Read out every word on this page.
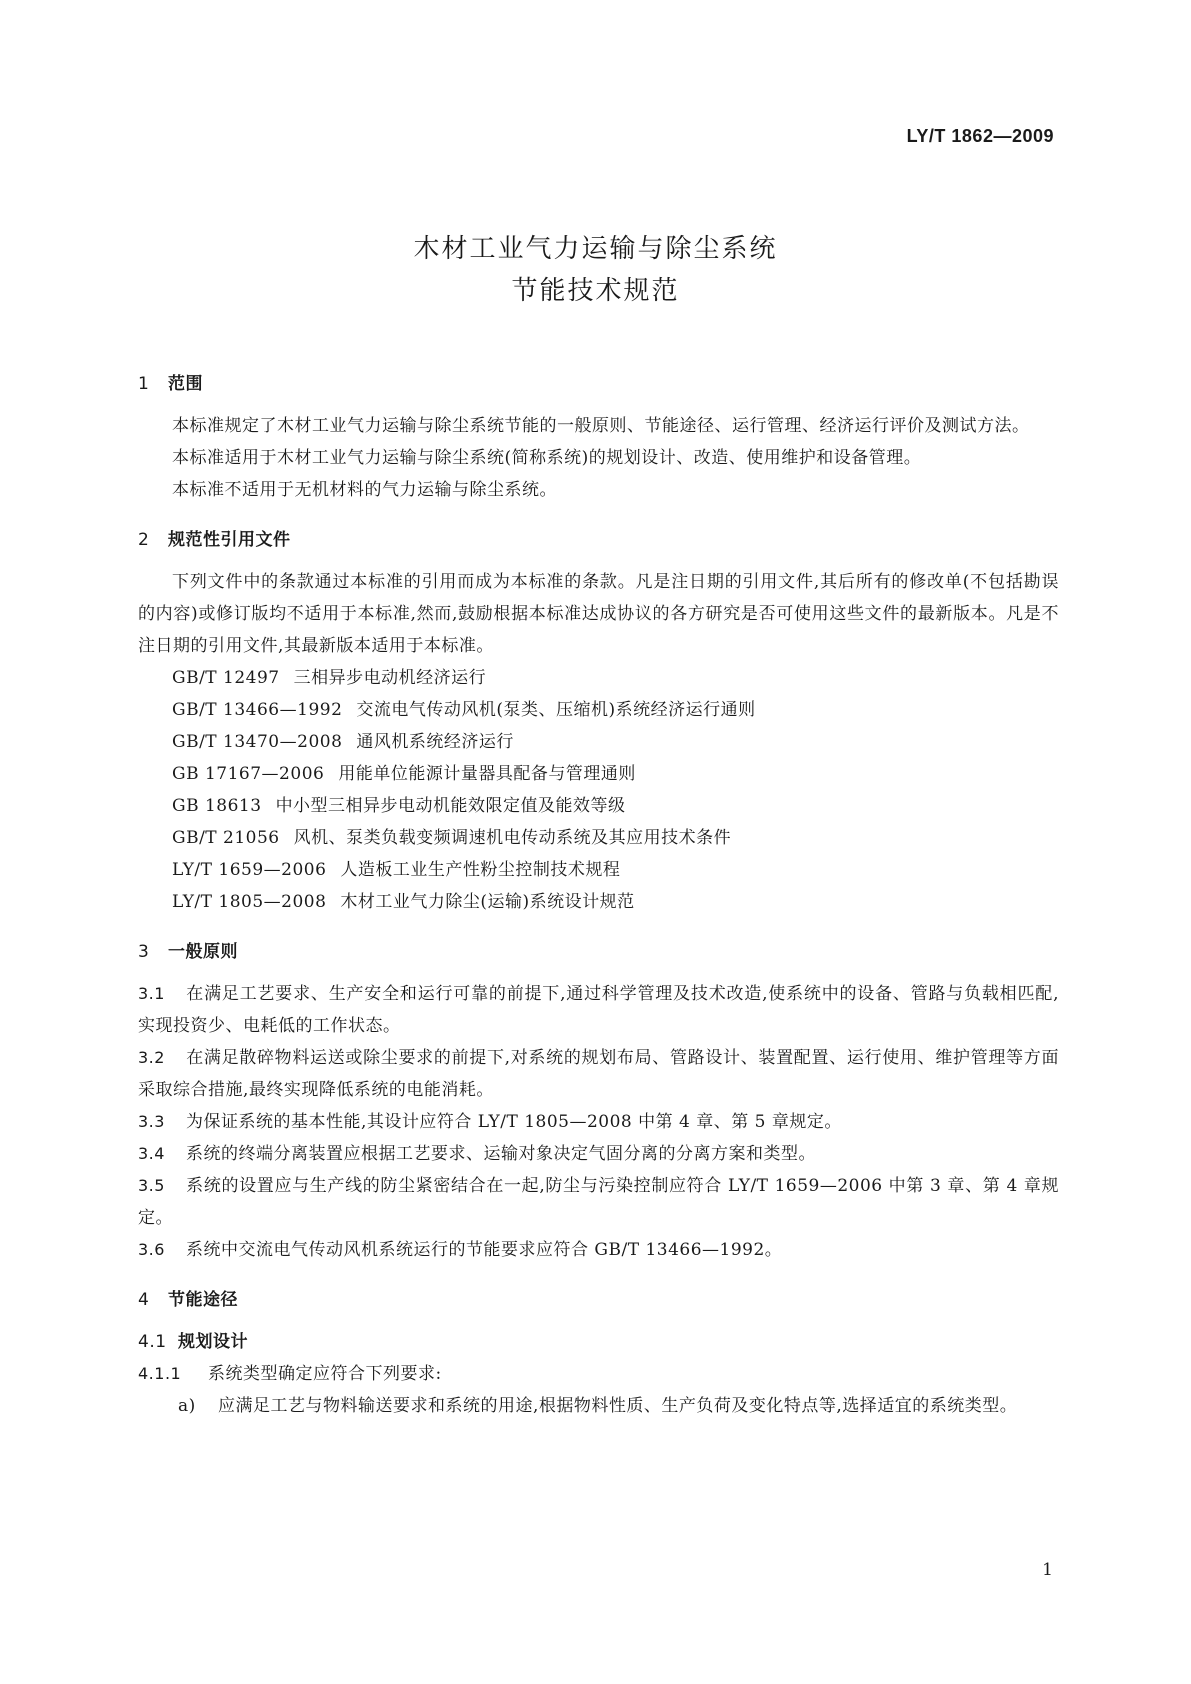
LY/T 1862—2009
木材工业气力运输与除尘系统
节能技术规范
1 范围
本标准规定了木材工业气力运输与除尘系统节能的一般原则、节能途径、运行管理、经济运行评价及测试方法。
本标准适用于木材工业气力运输与除尘系统(简称系统)的规划设计、改造、使用维护和设备管理。
本标准不适用于无机材料的气力运输与除尘系统。
2 规范性引用文件
下列文件中的条款通过本标准的引用而成为本标准的条款。凡是注日期的引用文件,其后所有的修改单(不包括勘误的内容)或修订版均不适用于本标准,然而,鼓励根据本标准达成协议的各方研究是否可使用这些文件的最新版本。凡是不注日期的引用文件,其最新版本适用于本标准。
GB/T 12497 三相异步电动机经济运行
GB/T 13466—1992 交流电气传动风机(泵类、压缩机)系统经济运行通则
GB/T 13470—2008 通风机系统经济运行
GB 17167—2006 用能单位能源计量器具配备与管理通则
GB 18613 中小型三相异步电动机能效限定值及能效等级
GB/T 21056 风机、泵类负载变频调速机电传动系统及其应用技术条件
LY/T 1659—2006 人造板工业生产性粉尘控制技术规程
LY/T 1805—2008 木材工业气力除尘(运输)系统设计规范
3 一般原则
3.1 在满足工艺要求、生产安全和运行可靠的前提下,通过科学管理及技术改造,使系统中的设备、管路与负载相匹配,实现投资少、电耗低的工作状态。
3.2 在满足散碎物料运送或除尘要求的前提下,对系统的规划布局、管路设计、装置配置、运行使用、维护管理等方面采取综合措施,最终实现降低系统的电能消耗。
3.3 为保证系统的基本性能,其设计应符合 LY/T 1805—2008 中第 4 章、第 5 章规定。
3.4 系统的终端分离装置应根据工艺要求、运输对象决定气固分离的分离方案和类型。
3.5 系统的设置应与生产线的防尘紧密结合在一起,防尘与污染控制应符合 LY/T 1659—2006 中第 3 章、第 4 章规定。
3.6 系统中交流电气传动风机系统运行的节能要求应符合 GB/T 13466—1992。
4 节能途径
4.1 规划设计
4.1.1 系统类型确定应符合下列要求:
a) 应满足工艺与物料输送要求和系统的用途,根据物料性质、生产负荷及变化特点等,选择适宜的系统类型。
1
